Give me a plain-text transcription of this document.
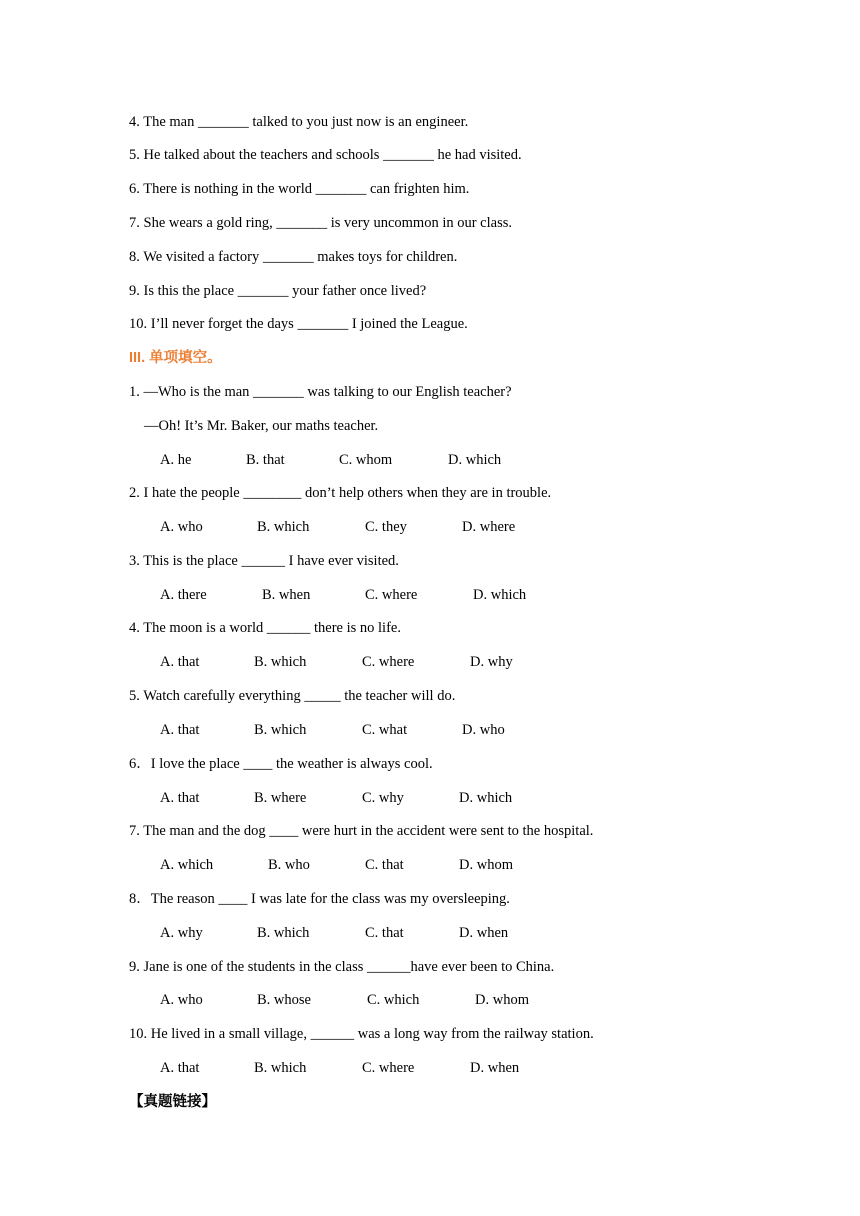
4. The man _______ talked to you just now is an engineer.
5. He talked about the teachers and schools _______ he had visited.
6. There is nothing in the world _______ can frighten him.
7. She wears a gold ring, _______ is very uncommon in our class.
8. We visited a factory _______ makes toys for children.
9. Is this the place _______ your father once lived?
10. I’ll never forget the days _______ I joined the League.
III. 单项填空。
1. —Who is the man _______ was talking to our English teacher?
—Oh! It’s Mr. Baker, our maths teacher.
A. he	B. that	C. whom	D. which
2. I hate the people ________ don’t help others when they are in trouble.
A. who	B. which	C. they	D. where
3. This is the place ______ I have ever visited.
A. there	B. when	C. where	D. which
4. The moon is a world ______ there is no life.
A. that	B. which	C. where	D. why
5. Watch carefully everything _____ the teacher will do.
A. that	B. which	C. what	D. who
6．I love the place ____ the weather is always cool.
A. that	B. where	C. why	D. which
7. The man and the dog ____ were hurt in the accident were sent to the hospital.
A. which	B. who	C. that	D. whom
8．The reason ____ I was late for the class was my oversleeping.
A. why	B. which	C. that	D. when
9. Jane is one of the students in the class ______have ever been to China.
A. who	B. whose	C. which	D. whom
10. He lived in a small village, ______ was a long way from the railway station.
A. that	B. which	C. where	D. when
【真题链接】
